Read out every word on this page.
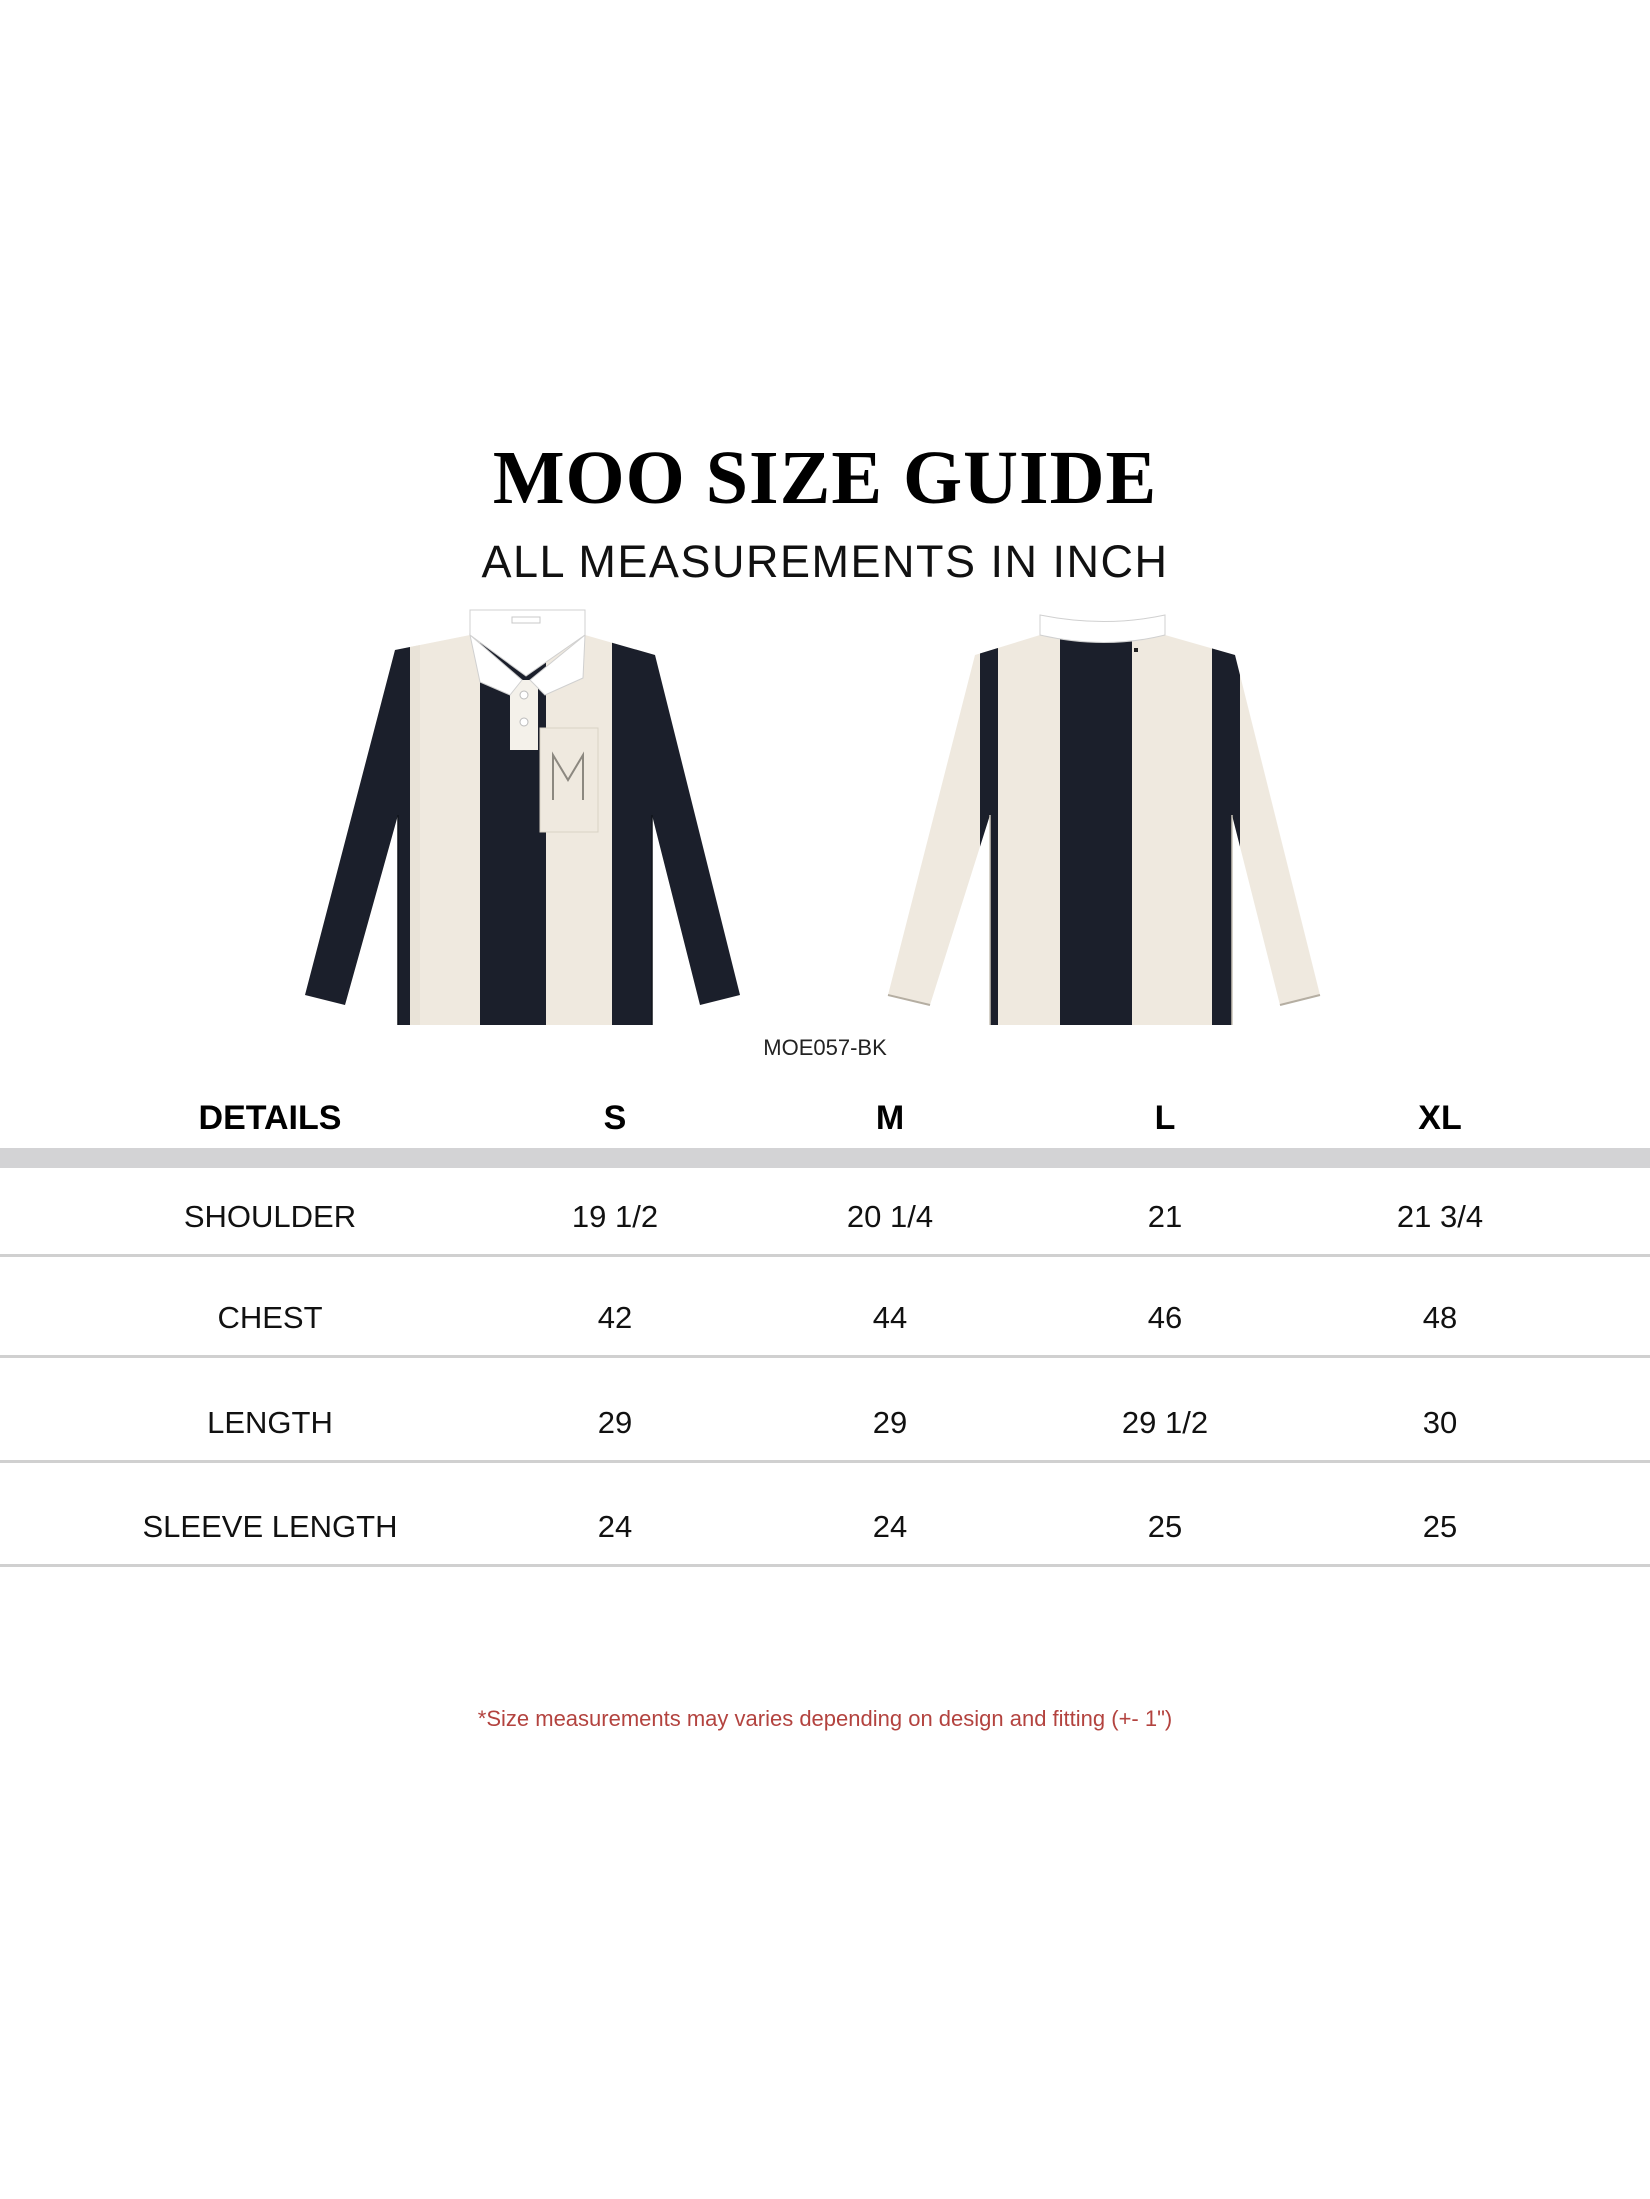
MOO SIZE GUIDE
ALL MEASUREMENTS IN INCH
MOE057-BK
DETAILS	S	M	L	XL
SHOULDER	19 1/2	20 1/4	21	21 3/4
CHEST	42	44	46	48
LENGTH	29	29	29 1/2	30
SLEEVE LENGTH	24	24	25	25
*Size measurements may varies depending on design and fitting (+- 1")
